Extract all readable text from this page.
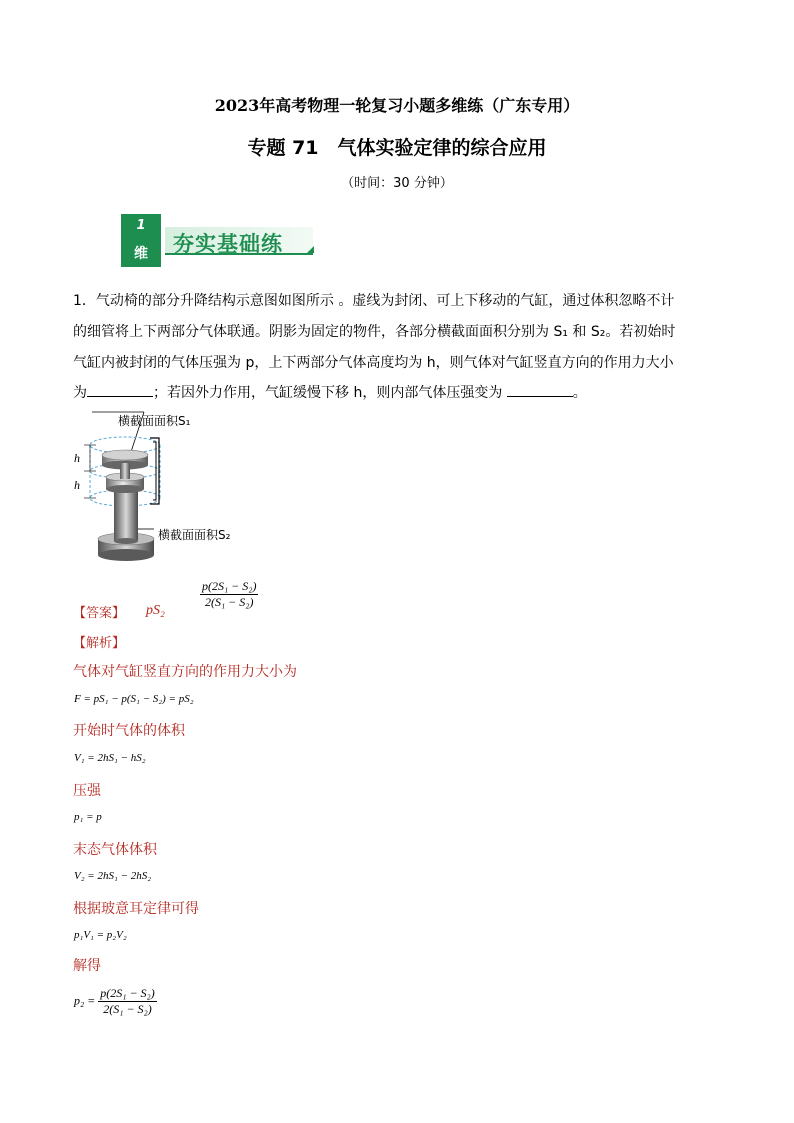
2023年高考物理一轮复习小题多维练（广东专用）
专题 71　气体实验定律的综合应用
（时间：30 分钟）
1
维	夯实基础练
1．气动椅的部分升降结构示意图如图所示 。虚线为封闭、可上下移动的气缸，通过体积忽略不计
的细管将上下两部分气体联通。阴影为固定的物件，各部分横截面面积分别为 S₁ 和 S₂。若初始时
气缸内被封闭的气体压强为 p，上下两部分气体高度均为 h，则气体对气缸竖直方向的作用力大小
为	；若因外力作用，气缸缓慢下移 h，则内部气体压强变为	。
h
h
横截面面积S₁
横截面面积S₂
【答案】 pS₂
$\frac{\text{p(2S₁ − S₂)}}{\text{2(S₁ − S₂)}}$
【解析】
气体对气缸竖直方向的作用力大小为
F = pS₁ − p(S₁ − S₂) = pS₂
开始时气体的体积
V₁ = 2hS₁ − hS₂
压强
p₁ = p
末态气体体积
V₂ = 2hS₁ − 2hS₂
根据玻意耳定律可得
p₁V₁ = p₂V₂
解得
$p_2 = \frac{\text{p(2S₁ − S₂)}}{\text{2(S₁ − S₂)}}$
